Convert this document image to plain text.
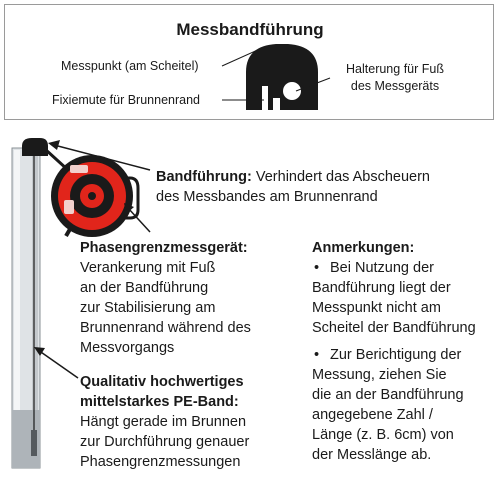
Messbandführung
Messpunkt (am Scheitel)
Fixiemute für Brunnenrand
Halterung für Fuß
des Messgeräts
Bandführung: Verhindert das Abscheuern
des Messbandes am Brunnenrand
Phasengrenzmessgerät:
Verankerung mit Fuß
an der Bandführung
zur Stabilisierung am
Brunnenrand während des
Messvorgangs
Qualitativ hochwertiges
mittelstarkes PE-Band:
Hängt gerade im Brunnen
zur Durchführung genauer
Phasengrenzmessungen
Anmerkungen:
• Bei Nutzung der
Bandführung liegt der
Messpunkt nicht am
Scheitel der Bandführung
• Zur Berichtigung der
Messung, ziehen Sie
die an der Bandführung
angegebene Zahl /
Länge (z. B. 6cm) von
der Messlänge ab.
